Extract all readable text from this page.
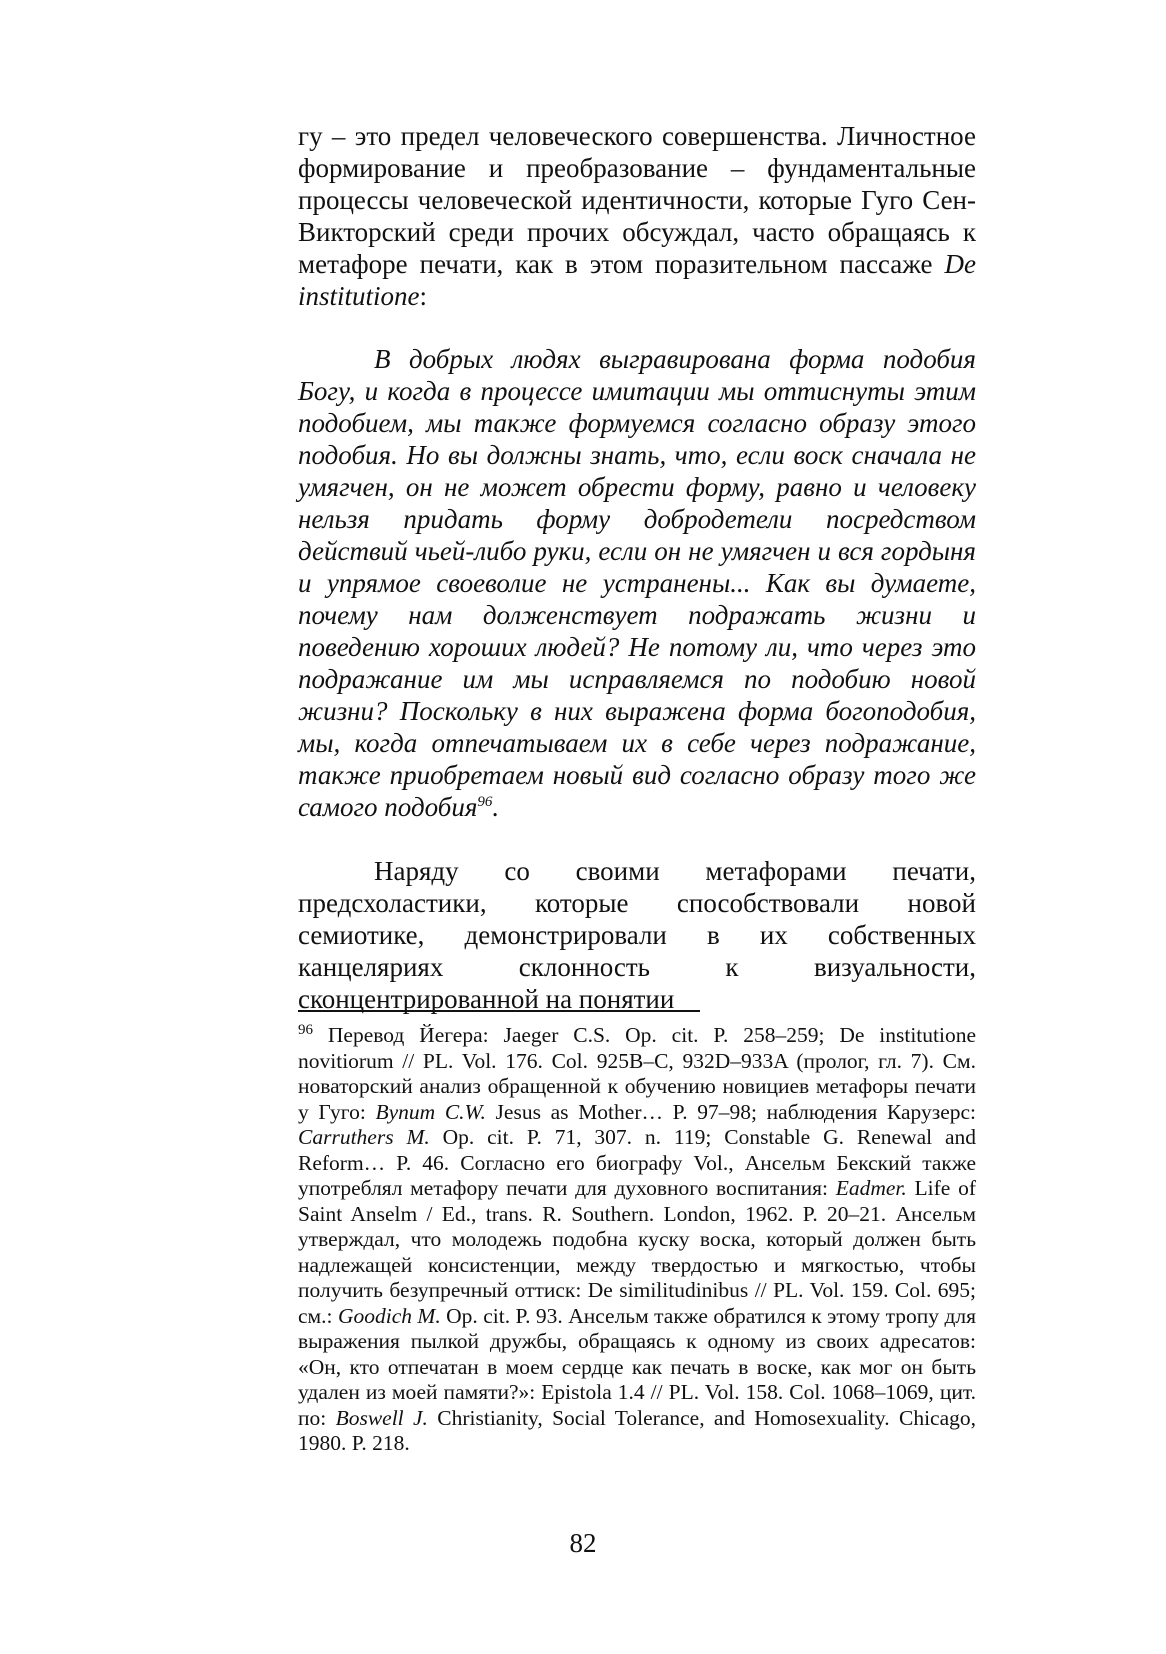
гу – это предел человеческого совершенства. Личностное формирование и преобразование – фундаментальные процессы человеческой идентичности, которые Гуго Сен-Викторский среди прочих обсуждал, часто обращаясь к метафоре печати, как в этом поразительном пассаже De institutione:

В добрых людях выгравирована форма подобия Богу, и когда в процессе имитации мы оттиснуты этим подобием, мы также формуемся согласно образу этого подобия. Но вы должны знать, что, если воск сначала не умягчен, он не может обрести форму, равно и человеку нельзя придать форму добродетели посредством действий чьей-либо руки, если он не умягчен и вся гордыня и упрямое своеволие не устранены... Как вы думаете, почему нам долженствует подражать жизни и поведению хороших людей? Не потому ли, что через это подражание им мы исправляемся по подобию новой жизни? Поскольку в них выражена форма богоподобия, мы, когда отпечатываем их в себе через подражание, также приобретаем новый вид согласно образу того же самого подобия$^{96}$.

Наряду со своими метафорами печати, предсхоластики, которые способствовали новой семиотике, демонстрировали в их собственных канцеляриях склонность к визуальности, сконцентрированной на понятии

$^{96}$ Перевод Йегера: Jaeger C.S. Op. cit. P. 258–259; De institutione novitiorum // PL. Vol. 176. Col. 925B–C, 932D–933A (пролог, гл. 7). См. новаторский анализ обращенной к обучению новициев метафоры печати у Гуго: Bynum C.W. Jesus as Mother… P. 97–98; наблюдения Карузерс: Carruthers M. Op. cit. P. 71, 307. n. 119; Constable G. Renewal and Reform… P. 46. Согласно его биографу Vol., Ансельм Бекский также употреблял метафору печати для духовного воспитания: Eadmer. Life of Saint Anselm / Ed., trans. R. Southern. London, 1962. P. 20–21. Ансельм утверждал, что молодежь подобна куску воска, который должен быть надлежащей консистенции, между твердостью и мягкостью, чтобы получить безупречный оттиск: De similitudinibus // PL. Vol. 159. Col. 695; см.: Goodich M. Op. cit. P. 93. Ансельм также обратился к этому тропу для выражения пылкой дружбы, обращаясь к одному из своих адресатов: «Он, кто отпечатан в моем сердце как печать в воске, как мог он быть удален из моей памяти?»: Epistola 1.4 // PL. Vol. 158. Col. 1068–1069, цит. по: Boswell J. Christianity, Social Tolerance, and Homosexuality. Chicago, 1980. P. 218.

82
